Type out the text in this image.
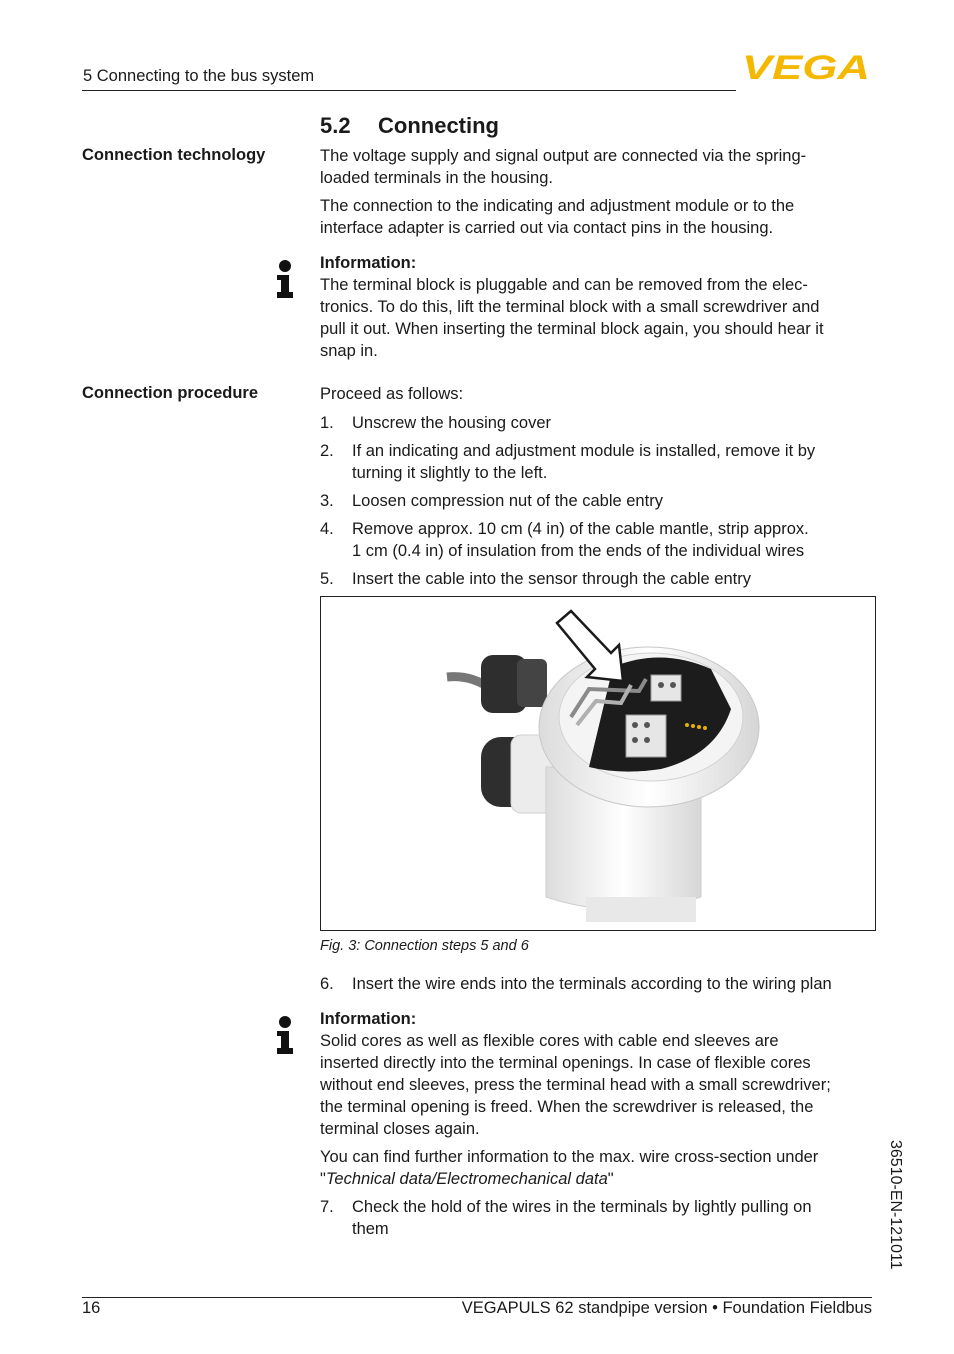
5 Connecting to the bus system	VEGA
5.2 Connecting
Connection technology	The voltage supply and signal output are connected via the spring-
loaded terminals in the housing.

The connection to the indicating and adjustment module or to the
interface adapter is carried out via contact pins in the housing.

Information:
The terminal block is pluggable and can be removed from the elec-
tronics. To do this, lift the terminal block with a small screwdriver and
pull it out. When inserting the terminal block again, you should hear it
snap in.

Connection procedure	Proceed as follows:

1. Unscrew the housing cover
2. If an indicating and adjustment module is installed, remove it by
turning it slightly to the left.
3. Loosen compression nut of the cable entry
4. Remove approx. 10 cm (4 in) of the cable mantle, strip approx.
1 cm (0.4 in) of insulation from the ends of the individual wires
5. Insert the cable into the sensor through the cable entry
Fig. 3: Connection steps 5 and 6
6. Insert the wire ends into the terminals according to the wiring plan

Information:
Solid cores as well as flexible cores with cable end sleeves are
inserted directly into the terminal openings. In case of flexible cores
without end sleeves, press the terminal head with a small screwdriver;
the terminal opening is freed. When the screwdriver is released, the
terminal closes again.

You can find further information to the max. wire cross-section under
"Technical data/Electromechanical data"

7. Check the hold of the wires in the terminals by lightly pulling on
them	36510-EN-121011
16	VEGAPULS 62 standpipe version • Foundation Fieldbus
